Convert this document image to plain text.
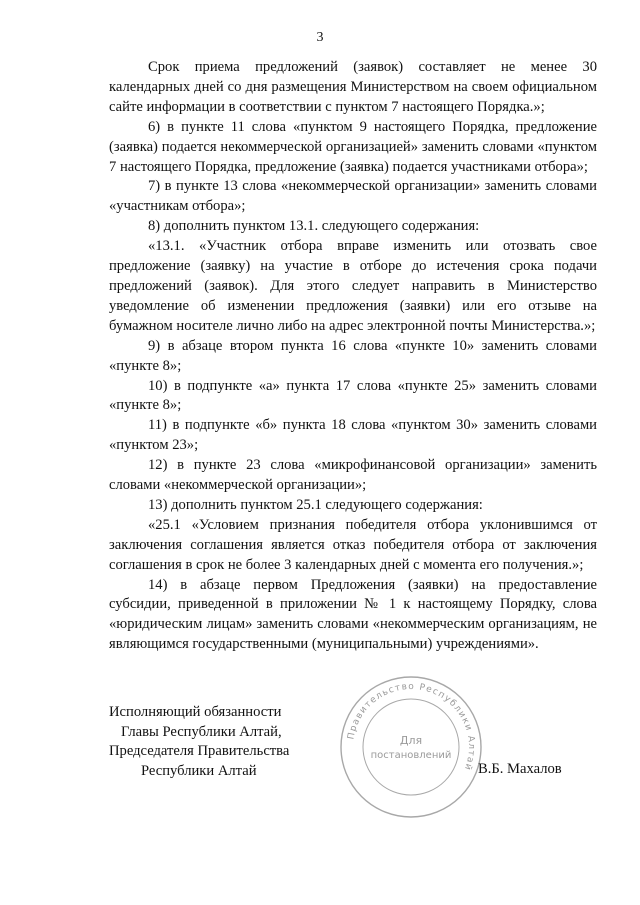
3

Срок приема предложений (заявок) составляет не менее 30 календарных дней со дня размещения Министерством на своем официальном сайте информации в соответствии с пунктом 7 настоящего Порядка.»;

6) в пункте 11 слова «пунктом 9 настоящего Порядка, предложение (заявка) подается некоммерческой организацией» заменить словами «пунктом 7 настоящего Порядка, предложение (заявка) подается участниками отбора»;

7) в пункте 13 слова «некоммерческой организации» заменить словами «участникам отбора»;

8) дополнить пунктом 13.1. следующего содержания:

«13.1. «Участник отбора вправе изменить или отозвать свое предложение (заявку) на участие в отборе до истечения срока подачи предложений (заявок). Для этого следует направить в Министерство уведомление об изменении предложения (заявки) или его отзыве на бумажном носителе лично либо на адрес электронной почты Министерства.»;

9) в абзаце втором пункта 16 слова «пункте 10» заменить словами «пункте 8»;

10) в подпункте «а» пункта 17 слова «пункте 25» заменить словами «пункте 8»;

11) в подпункте «б» пункта 18 слова «пунктом 30» заменить словами «пунктом 23»;

12) в пункте 23 слова «микрофинансовой организации» заменить словами «некоммерческой организации»;

13) дополнить пунктом 25.1 следующего содержания:

«25.1 «Условием признания победителя отбора уклонившимся от заключения соглашения является отказ победителя отбора от заключения соглашения в срок не более 3 календарных дней с момента его получения.»;

14) в абзаце первом Предложения (заявки) на предоставление субсидии, приведенной в приложении № 1 к настоящему Порядку, слова «юридическим лицам» заменить словами «некоммерческим организациям, не являющимся государственными (муниципальными) учреждениями».

Исполняющий обязанности
Главы Республики Алтай,
Председателя Правительства
Республики Алтай
Правительство Республики Алтай
Для
постановлений
В.Б. Махалов
